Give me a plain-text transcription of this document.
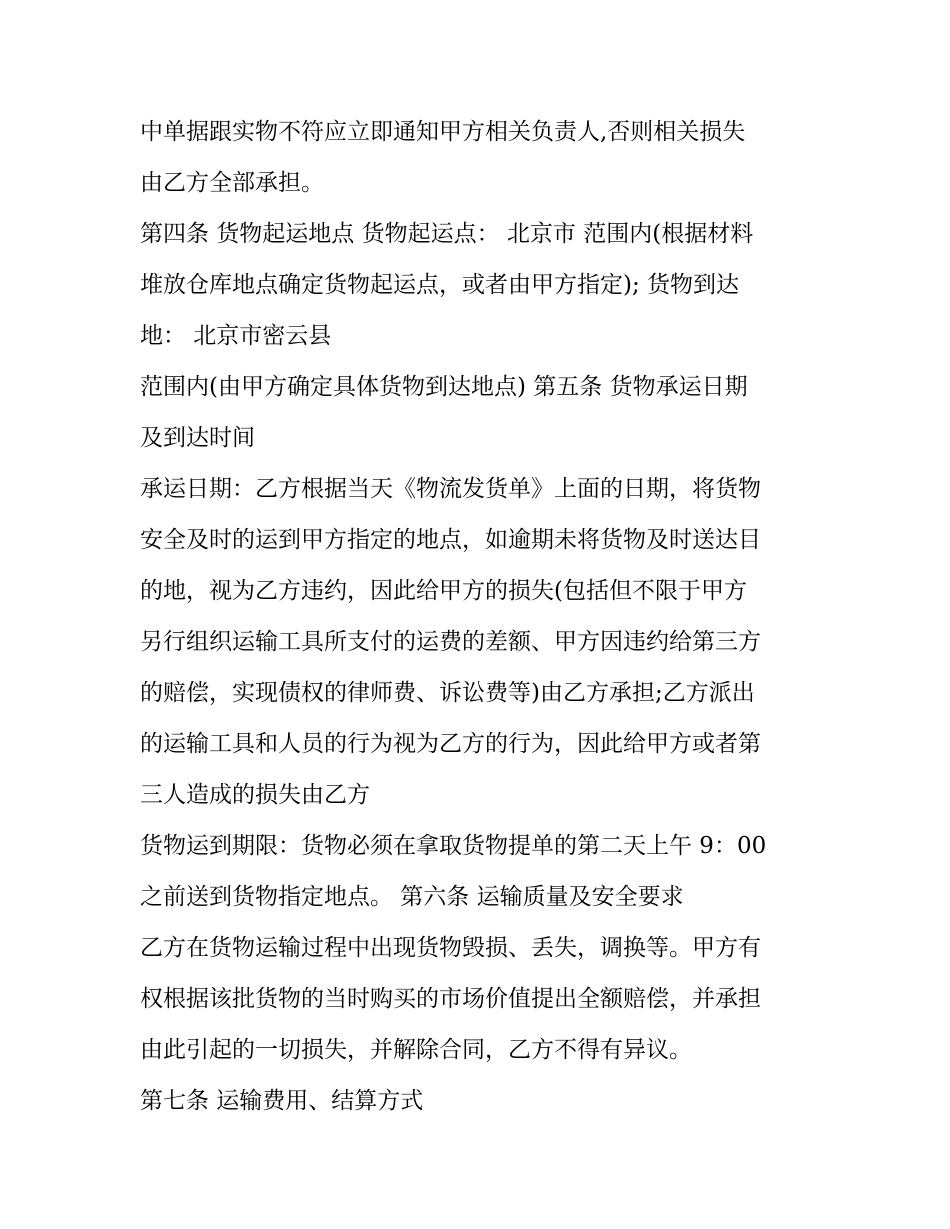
中单据跟实物不符应立即通知甲方相关负责人,否则相关损失
由乙方全部承担。
第四条 货物起运地点 货物起运点： 北京市 范围内(根据材料
堆放仓库地点确定货物起运点，或者由甲方指定); 货物到达
地： 北京市密云县
范围内(由甲方确定具体货物到达地点) 第五条 货物承运日期
及到达时间
承运日期：乙方根据当天《物流发货单》上面的日期，将货物
安全及时的运到甲方指定的地点，如逾期未将货物及时送达目
的地，视为乙方违约，因此给甲方的损失(包括但不限于甲方
另行组织运输工具所支付的运费的差额、甲方因违约给第三方
的赔偿，实现债权的律师费、诉讼费等)由乙方承担;乙方派出
的运输工具和人员的行为视为乙方的行为，因此给甲方或者第
三人造成的损失由乙方
货物运到期限：货物必须在拿取货物提单的第二天上午 9：00
之前送到货物指定地点。 第六条 运输质量及安全要求
乙方在货物运输过程中出现货物毁损、丢失，调换等。甲方有
权根据该批货物的当时购买的市场价值提出全额赔偿，并承担
由此引起的一切损失，并解除合同，乙方不得有异议。
第七条 运输费用、结算方式
